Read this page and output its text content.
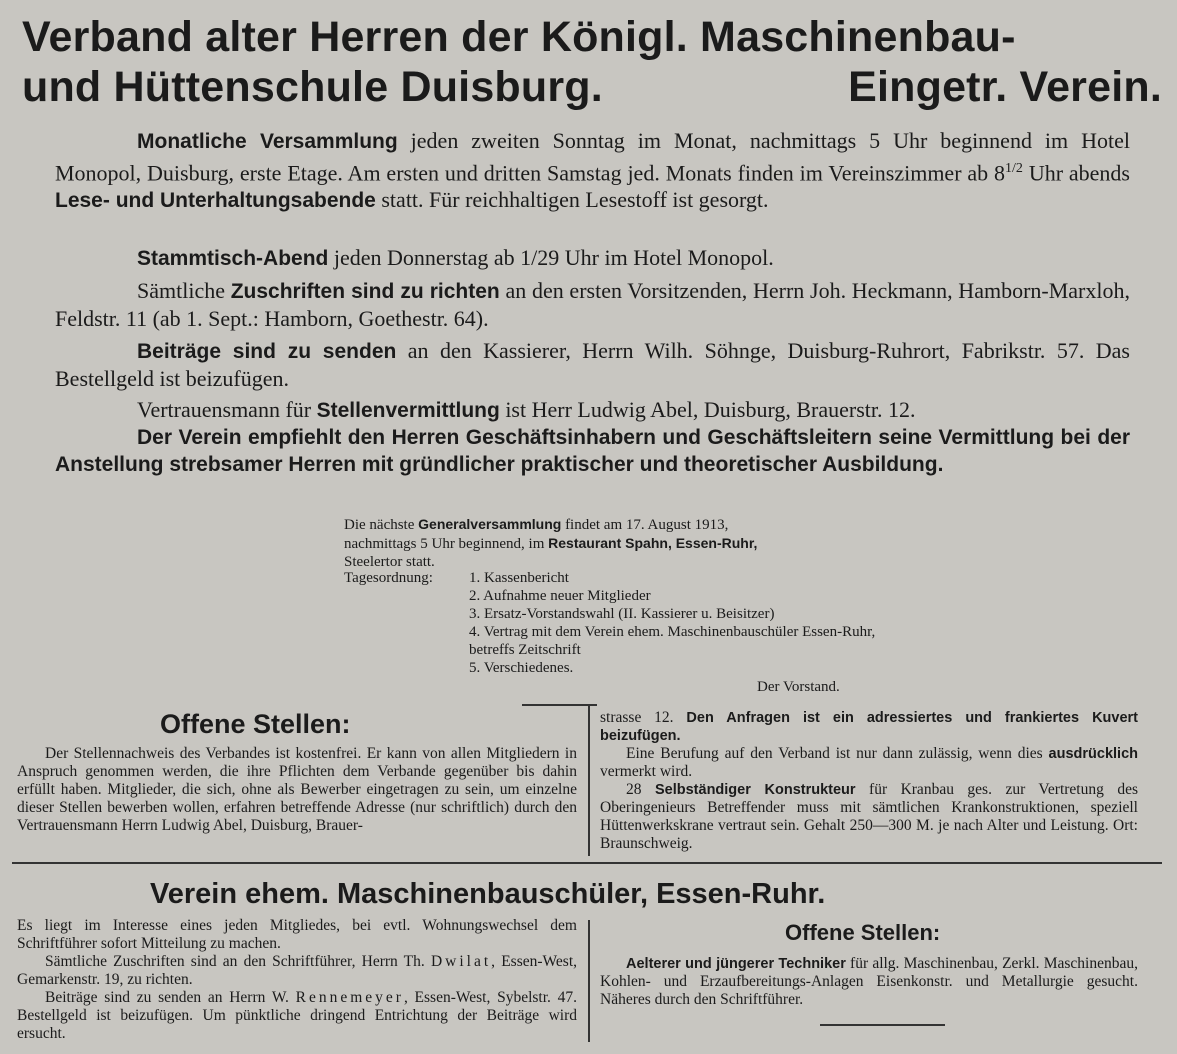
Verband alter Herren der Königl. Maschinenbau-
und Hüttenschule Duisburg.	Eingetr. Verein.
Monatliche Versammlung jeden zweiten Sonntag im Monat, nachmittags 5 Uhr beginnend im Hotel Monopol, Duisburg, erste Etage. Am ersten und dritten Samstag jed. Monats finden im Vereinszimmer ab $8^{1/2}$ Uhr abends Lese- und Unterhaltungsabende statt. Für reichhaltigen Lesestoff ist gesorgt.
Stammtisch-Abend jeden Donnerstag ab 1/29 Uhr im Hotel Monopol.
Sämtliche Zuschriften sind zu richten an den ersten Vorsitzenden, Herrn Joh. Heckmann, Hamborn-Marxloh, Feldstr. 11 (ab 1. Sept.: Hamborn, Goethestr. 64).
Beiträge sind zu senden an den Kassierer, Herrn Wilh. Söhnge, Duisburg-Ruhrort, Fabrikstr. 57. Das Bestellgeld ist beizufügen.
Vertrauensmann für Stellenvermittlung ist Herr Ludwig Abel, Duisburg, Brauerstr. 12.
Der Verein empfiehlt den Herren Geschäftsinhabern und Geschäftsleitern seine Vermittlung bei der Anstellung strebsamer Herren mit gründlicher praktischer und theoretischer Ausbildung.
Die nächste Generalversammlung findet am 17. August 1913,
nachmittags 5 Uhr beginnend, im Restaurant Spahn, Essen-Ruhr,
Steelertor statt.
Tagesordnung: 1. Kassenbericht
2. Aufnahme neuer Mitglieder
3. Ersatz-Vorstandswahl (II. Kassierer u. Beisitzer)
4. Vertrag mit dem Verein ehem. Maschinenbauschüler Essen-Ruhr, betreffs Zeitschrift
5. Verschiedenes.
Der Vorstand.
Offene Stellen:
Der Stellennachweis des Verbandes ist kostenfrei. Er kann von allen Mitgliedern in Anspruch genommen werden, die ihre Pflichten dem Verbande gegenüber bis dahin erfüllt haben. Mitglieder, die sich, ohne als Bewerber eingetragen zu sein, um einzelne dieser Stellen bewerben wollen, erfahren betreffende Adresse (nur schriftlich) durch den Vertrauensmann Herrn Ludwig Abel, Duisburg, Brauer-
strasse 12. Den Anfragen ist ein adressiertes und frankiertes Kuvert beizufügen.
Eine Berufung auf den Verband ist nur dann zulässig, wenn dies ausdrücklich vermerkt wird.
28 Selbständiger Konstrukteur für Kranbau ges. zur Vertretung des Oberingenieurs Betreffender muss mit sämtlichen Krankonstruktionen, speziell Hüttenwerkskrane vertraut sein. Gehalt 250—300 M. je nach Alter und Leistung. Ort: Braunschweig.
Verein ehem. Maschinenbauschüler, Essen-Ruhr.
Es liegt im Interesse eines jeden Mitgliedes, bei evtl. Wohnungswechsel dem Schriftführer sofort Mitteilung zu machen.
Sämtliche Zuschriften sind an den Schriftführer, Herrn Th. Dwilat, Essen-West, Gemarkenstr. 19, zu richten.
Beiträge sind zu senden an Herrn W. Rennemeyer, Essen-West, Sybelstr. 47. Bestellgeld ist beizufügen. Um pünktliche dringend Entrichtung der Beiträge wird ersucht.
Offene Stellen:
Aelterer und jüngerer Techniker für allg. Maschinenbau, Zerkl. Maschinenbau, Kohlen- und Erzaufbereitungs-Anlagen Eisenkonstr. und Metallurgie gesucht. Näheres durch den Schriftführer.
